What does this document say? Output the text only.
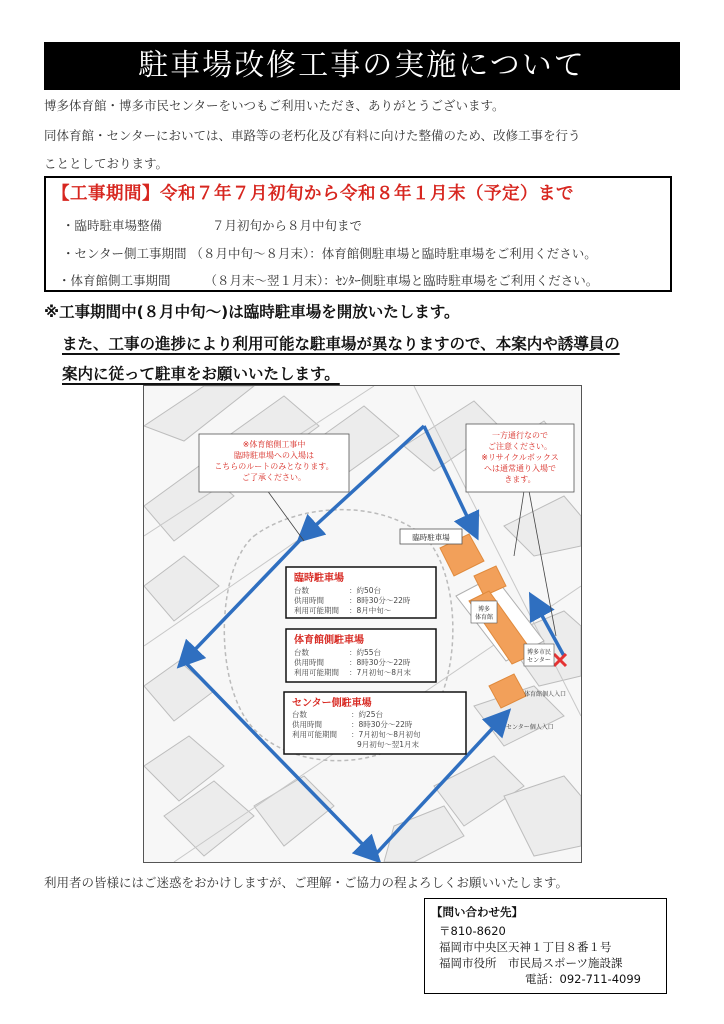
駐車場改修工事の実施について
博多体育館・博多市民センターをいつもご利用いただき、ありがとうございます。
同体育館・センターにおいては、車路等の老朽化及び有料に向けた整備のため、改修工事を行う
こととしております。
【工事期間】令和７年７月初旬から令和８年１月末（予定）まで
・臨時駐車場整備	７月初旬から８月中旬まで
・センター側工事期間 （８月中旬～８月末）：体育館側駐車場と臨時駐車場をご利用ください。
・体育館側工事期間	（８月末～翌１月末）：ｾﾝﾀｰ側駐車場と臨時駐車場をご利用ください。
※工事期間中(８月中旬～)は臨時駐車場を開放いたします。
また、工事の進捗により利用可能な駐車場が異なりますので、本案内や誘導員の
案内に従って駐車をお願いいたします。
※体育館側工事中
臨時駐車場への入場は
こちらのルートのみとなります。
ご了承ください。
一方通行なので
ご注意ください。
※リサイクルボックス
へは通常通り入場で
きます。
臨時駐車場
博多
体育館
博多市民
センター
体育館個人入口
センター個人入口
臨時駐車場
台数	：約50台
供用時間	：8時30分～22時
利用可能期間 ：8月中旬～
体育館側駐車場
台数	：約55台
供用時間	：8時30分～22時
利用可能期間 ：7月初旬～8月末
センター側駐車場
台数	：約25台
供用時間	：8時30分～22時
利用可能期間 ：7月初旬～8月初旬
9月初旬～翌1月末
利用者の皆様にはご迷惑をおかけしますが、ご理解・ご協力の程よろしくお願いいたします。
【問い合わせ先】
〒810-8620
福岡市中央区天神１丁目８番１号
福岡市役所　市民局スポーツ施設課
電話：092-711-4099
